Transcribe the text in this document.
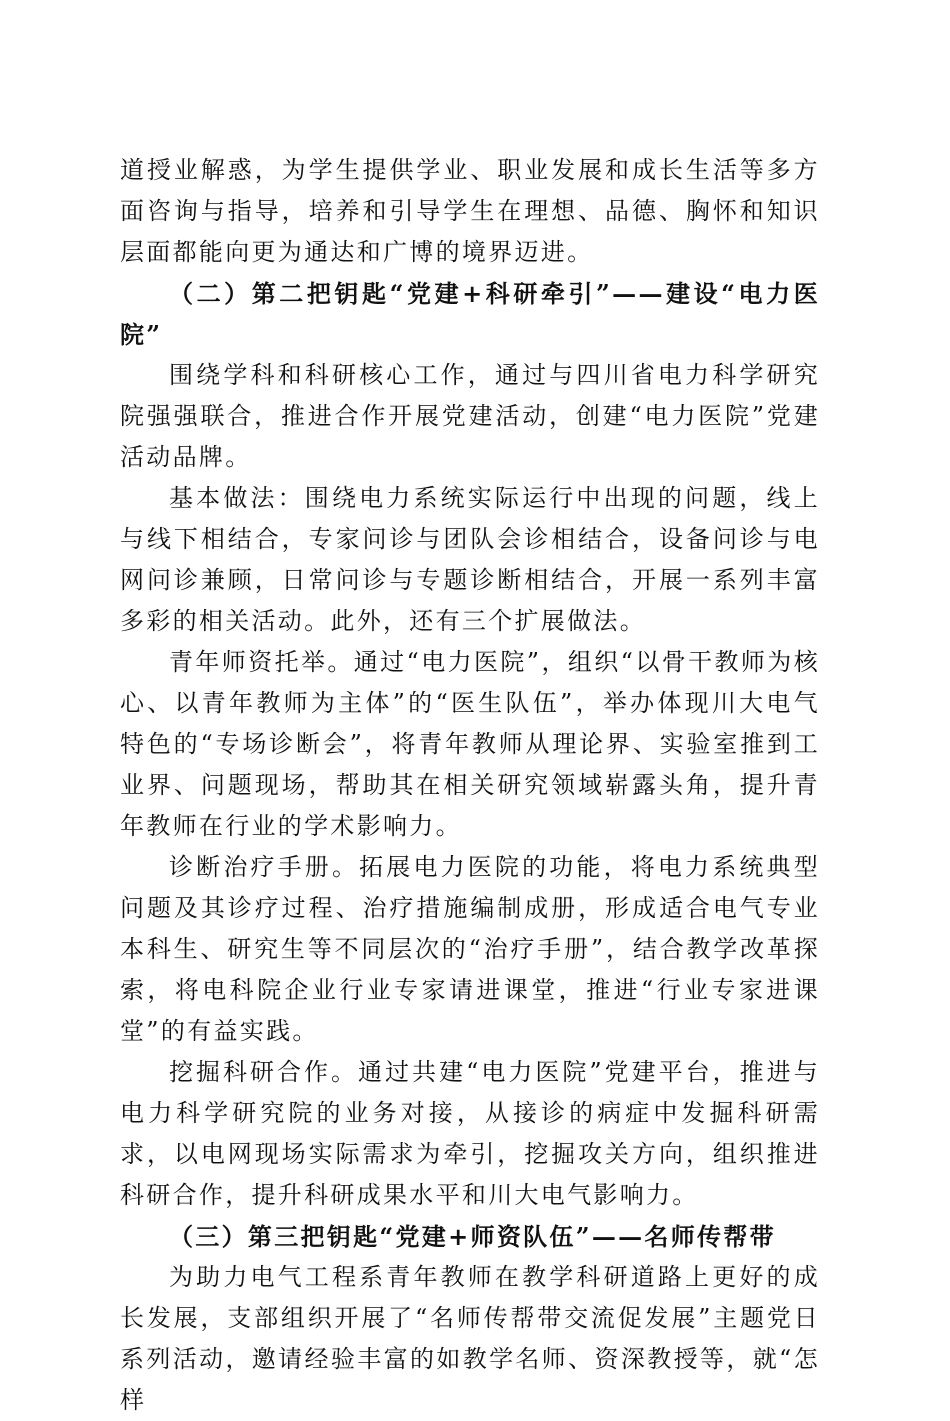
道授业解惑，为学生提供学业、职业发展和成长生活等多方面咨询与指导，培养和引导学生在理想、品德、胸怀和知识层面都能向更为通达和广博的境界迈进。

（二）第二把钥匙“党建+科研牵引”——建设“电力医院”

围绕学科和科研核心工作，通过与四川省电力科学研究院强强联合，推进合作开展党建活动，创建“电力医院”党建活动品牌。

基本做法：围绕电力系统实际运行中出现的问题，线上与线下相结合，专家问诊与团队会诊相结合，设备问诊与电网问诊兼顾，日常问诊与专题诊断相结合，开展一系列丰富多彩的相关活动。此外，还有三个扩展做法。

青年师资托举。通过“电力医院”，组织“以骨干教师为核心、以青年教师为主体”的“医生队伍”，举办体现川大电气特色的“专场诊断会”，将青年教师从理论界、实验室推到工业界、问题现场，帮助其在相关研究领域崭露头角，提升青年教师在行业的学术影响力。

诊断治疗手册。拓展电力医院的功能，将电力系统典型问题及其诊疗过程、治疗措施编制成册，形成适合电气专业本科生、研究生等不同层次的“治疗手册”，结合教学改革探索，将电科院企业行业专家请进课堂，推进“行业专家进课堂”的有益实践。

挖掘科研合作。通过共建“电力医院”党建平台，推进与电力科学研究院的业务对接，从接诊的病症中发掘科研需求，以电网现场实际需求为牵引，挖掘攻关方向，组织推进科研合作，提升科研成果水平和川大电气影响力。

（三）第三把钥匙“党建+师资队伍”——名师传帮带

为助力电气工程系青年教师在教学科研道路上更好的成长发展，支部组织开展了“名师传帮带交流促发展”主题党日系列活动，邀请经验丰富的如教学名师、资深教授等，就“怎样
